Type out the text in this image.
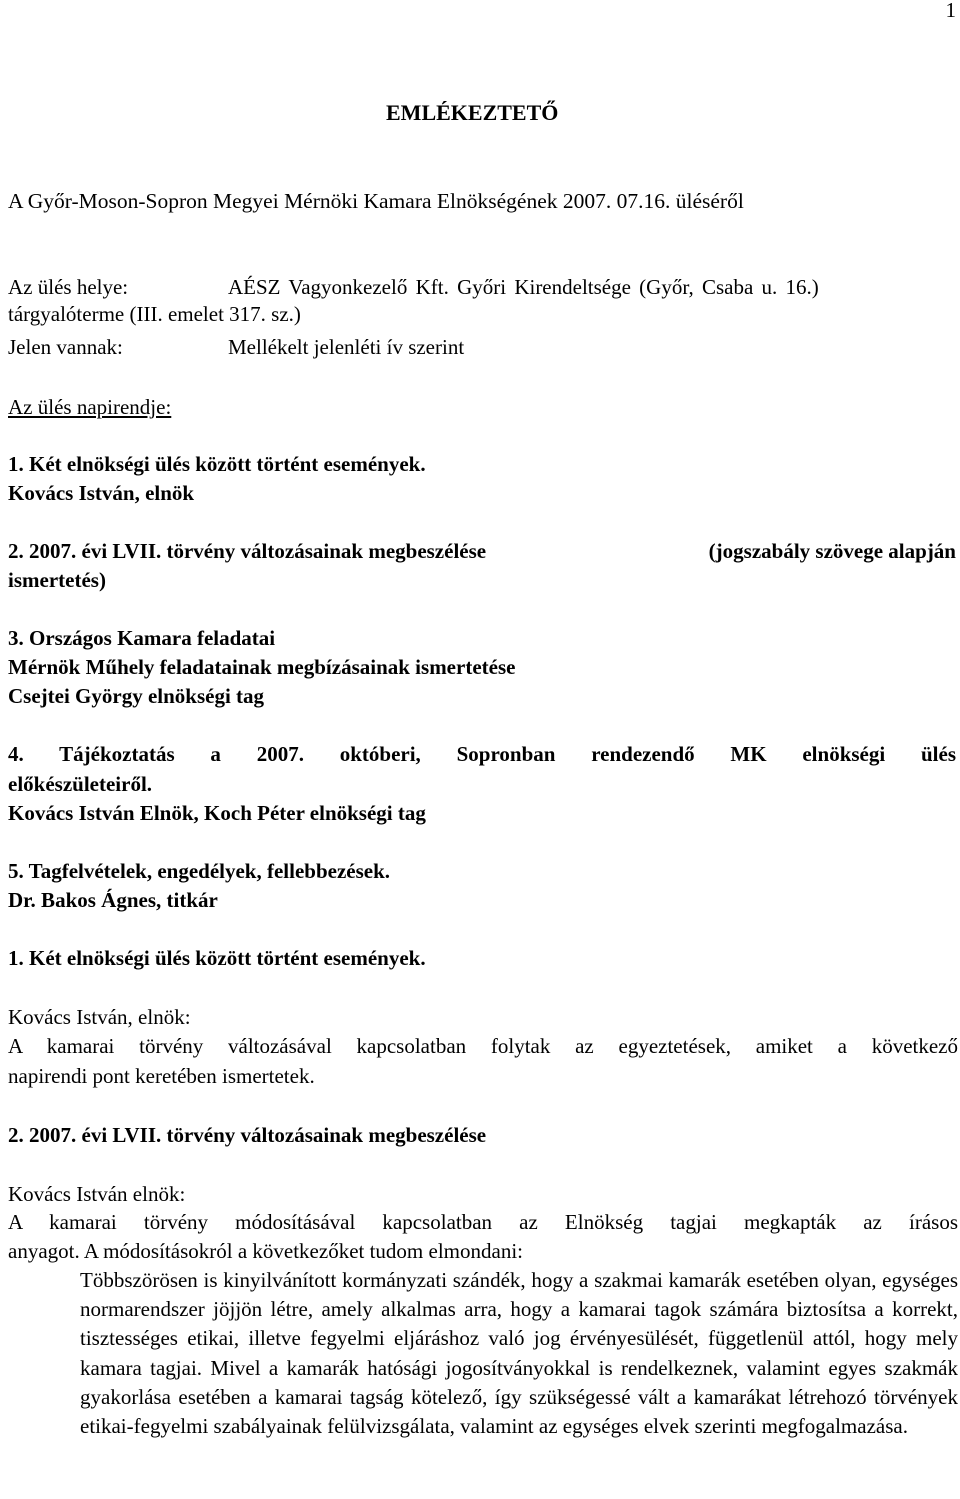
1
EMLÉKEZTETŐ
A Győr-Moson-Sopron Megyei Mérnöki Kamara Elnökségének 2007. 07.16. üléséről
Az ülés helye:	AÉSZ Vagyonkezelő Kft. Győri Kirendeltsége (Győr, Csaba u. 16.)
tárgyalóterme (III. emelet 317. sz.)
Jelen vannak:	Mellékelt jelenléti ív szerint
Az ülés napirendje:
1. Két elnökségi ülés között történt események.
Kovács István, elnök
2. 2007. évi LVII. törvény változásainak megbeszélése	(jogszabály szövege alapján
ismertetés)
3. Országos Kamara feladatai
Mérnök Műhely feladatainak megbízásainak ismertetése
Csejtei György elnökségi tag
4. Tájékoztatás a 2007. októberi, Sopronban rendezendő MK elnökségi ülés
előkészületeiről.
Kovács István Elnök, Koch Péter elnökségi tag
5. Tagfelvételek, engedélyek, fellebbezések.
Dr. Bakos Ágnes, titkár
1. Két elnökségi ülés között történt események.
Kovács István, elnök:
A kamarai törvény változásával kapcsolatban folytak az egyeztetések, amiket a következő
napirendi pont keretében ismertetek.
2. 2007. évi LVII. törvény változásainak megbeszélése
Kovács István elnök:
A kamarai törvény módosításával kapcsolatban az Elnökség tagjai megkapták az írásos
anyagot. A módosításokról a következőket tudom elmondani:
Többszörösen is kinyilvánított kormányzati szándék, hogy a szakmai kamarák esetében olyan, egységes normarendszer jöjjön létre, amely alkalmas arra, hogy a kamarai tagok számára biztosítsa a korrekt, tisztességes etikai, illetve fegyelmi eljáráshoz való jog érvényesülését, függetlenül attól, hogy mely kamara tagjai. Mivel a kamarák hatósági jogosítványokkal is rendelkeznek, valamint egyes szakmák gyakorlása esetében a kamarai tagság kötelező, így szükségessé vált a kamarákat létrehozó törvények etikai-fegyelmi szabályainak felülvizsgálata, valamint az egységes elvek szerinti megfogalmazása.
